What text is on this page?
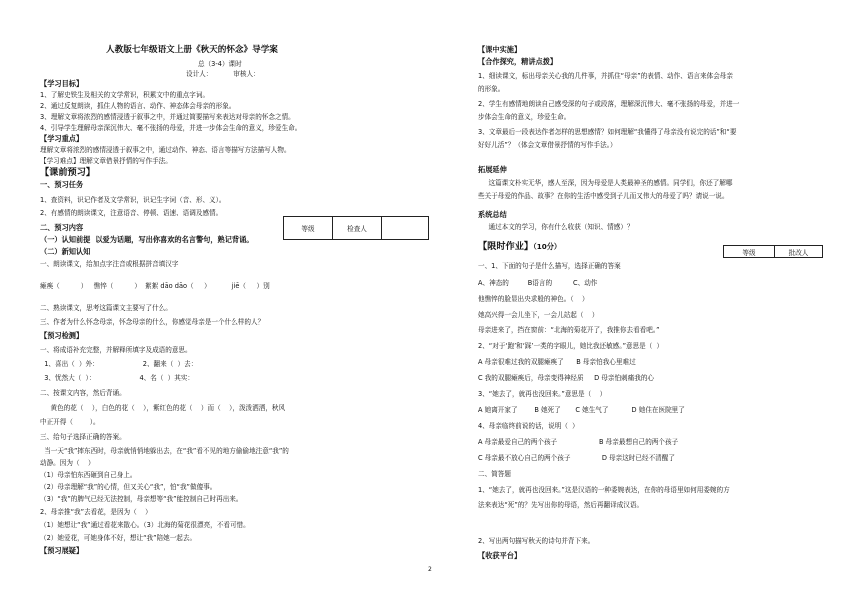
人教版七年级语文上册《秋天的怀念》导学案
总（3-4）课时
设计人：          审核人：
【学习目标】
1、了解史铁生及相关的文学常识，积累文中的重点字词。
2、通过反复朗读，抓住人物的语言、动作、神态体会母亲的形象。
3、理解文章将浓烈的感情浸透于叙事之中，并通过简要描写来表达对母亲的怀念之情。
4、引导学生理解母亲深沉伟大、毫不张扬的母爱，并进一步体会生命的意义，珍爱生命。
【学习重点】
理解文章将浓烈的感情浸透于叙事之中，通过动作、神态、语言等描写方法描写人物。
【学习难点】理解文章借景抒情的写作手法。
【课前预习】
一、预习任务
1、查资料，识记作者及文学常识，识记生字词（音、形、义）。
2、有感情的朗读课文，注意语音、停顿、语速、语调及感情。
二、预习内容
（一）认知前提  以爱为话题，写出你喜欢的名言警句，熟记背诵。
（二）新知认知
一、朗读课文，给加点字注音或根据拼音填汉字
瘫痪（          ）   憔悴（          ）  絮絮 dāo dāo（     ）          jiē（     ）别
二、熟读课文，思考这篇课文主要写了什么。
三、作者为什么怀念母亲，怀念母亲的什么，你感觉母亲是一个什么样的人？
【预习检测】
一、将成语补充完整，并解释所填字及成语的意思。
1、喜出（  ）外：                     2、翻来（  ）去：
3、忧然大（  ）：                     4、名（  ）其实：
二、按课文内容，然后背诵。
黄色的花（    ），白色的花（    ），紫红色的花（    ）而（    ），泼泼洒洒，秋风
中正开得（        ）。
三、给句子选择正确的答案。
当一天“我”摔东西时，母亲就悄悄地躲出去，在“我”看不见的地方偷偷地注意“我”的
动静。因为（    ）
（1）母亲怕东西砸到自己身上。
（2）母亲理解“我”的心情，但又关心“我”，怕“我”做傻事。
（3）“我”的脾气已经无法控制，母亲想等“我”能控制自己时再出来。
2、母亲推“我”去看花，是因为（    ）
（1）她想让“我”通过看花来散心。（3）北海的菊花很漂亮，不看可惜。
（2）她爱花，可她身体不好，想让“我”陪她一起去。
【预习展疑】
等级	检查人	
【课中实施】
【合作探究，精讲点拨】
1、细读课文，标出母亲关心我的几件事，并抓住“母亲”的表情、动作、语言来体会母亲
的形象。
2、学生有感情地朗读自己感受深的句子或段落，理解深沉伟大、毫不张扬的母爱，并进一
步体会生命的意义，珍爱生命。
3、文章最后一段表达作者怎样的思想感情？如何理解“我懂得了母亲没有说完的话”和“要
好好儿活”？（体会文章借景抒情的写作手法。）
拓展延伸
这篇课文朴实无华，感人至深，因为母爱是人类最神圣的感情。同学们，你还了解哪
些关于母爱的作品、故事？在你的生活中感受到子儿而又伟大的母爱了吗？请说一说。
系统总结
通过本文的学习，你有什么收获（知识、情感）？
【限时作业】（10分）
一、1、下面的句子是什么描写，选择正确的答案
A、神态的         B语言的          C、动作
他憔悴的脸显出央求般的神色。（    ）
她高兴得一会儿坐下，一会儿站起（    ）
母亲进来了，挡在窗前：“北海的菊花开了，我推你去看看吧。”
2、“对于‘跑’和‘踩’一类的字眼儿，她比我还敏感。”意思是（  ）
A 母亲很难过我的双腿瘫痪了      B 母亲怕我心里难过
C 我的双腿瘫痪后，母亲变得神经质     D 母亲怕刺痛我的心
3、“她去了，就再也没回来。”意思是（    ）
A 她离开家了        B 她死了       C 她生气了           D 她住在医院里了
4、母亲临终前说的话，说明（  ）
A 母亲最爱自己的两个孩子                    B 母亲最想自己的两个孩子
C 母亲最不放心自己的两个孩子               D 母亲这时已经不清醒了
二、简答题
1、“她去了，就再也没回来。”这是汉语的一种委婉表达，在你的母语里如何用委婉的方
法来表达“死”的？先写出你的母语，然后再翻译成汉语。
2、写出两句描写秋天的诗句并背下来。
【收获平台】
等级	批改人
2
